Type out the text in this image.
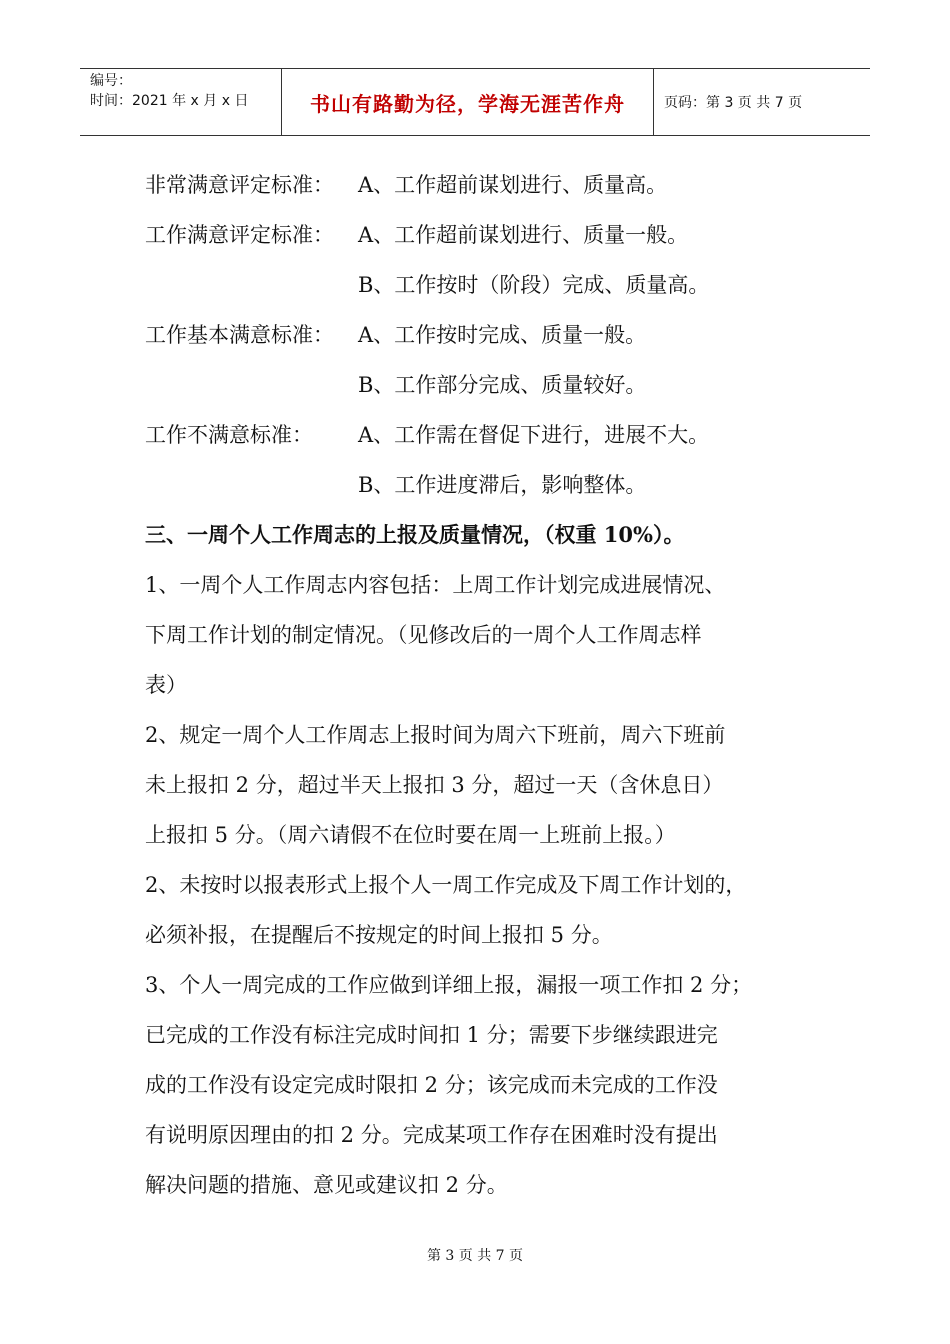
编号：
时间：2021 年 x 月 x 日	书山有路勤为径，学海无涯苦作舟	页码：第 3 页 共 7 页
非常满意评定标准：	A、工作超前谋划进行、质量高。
工作满意评定标准：	A、工作超前谋划进行、质量一般。
B、工作按时（阶段）完成、质量高。
工作基本满意标准：	A、工作按时完成、质量一般。
B、工作部分完成、质量较好。
工作不满意标准：	A、工作需在督促下进行，进展不大。
B、工作进度滞后，影响整体。
三、一周个人工作周志的上报及质量情况，（权重 10%）。
1、一周个人工作周志内容包括：上周工作计划完成进展情况、
下周工作计划的制定情况。（见修改后的一周个人工作周志样
表）
2、规定一周个人工作周志上报时间为周六下班前，周六下班前
未上报扣 2 分，超过半天上报扣 3 分，超过一天（含休息日）
上报扣 5 分。（周六请假不在位时要在周一上班前上报。）
2、未按时以报表形式上报个人一周工作完成及下周工作计划的，
必须补报，在提醒后不按规定的时间上报扣 5 分。
3、个人一周完成的工作应做到详细上报，漏报一项工作扣 2 分；
已完成的工作没有标注完成时间扣 1 分；需要下步继续跟进完
成的工作没有设定完成时限扣 2 分；该完成而未完成的工作没
有说明原因理由的扣 2 分。完成某项工作存在困难时没有提出
解决问题的措施、意见或建议扣 2 分。
第 3 页 共 7 页
